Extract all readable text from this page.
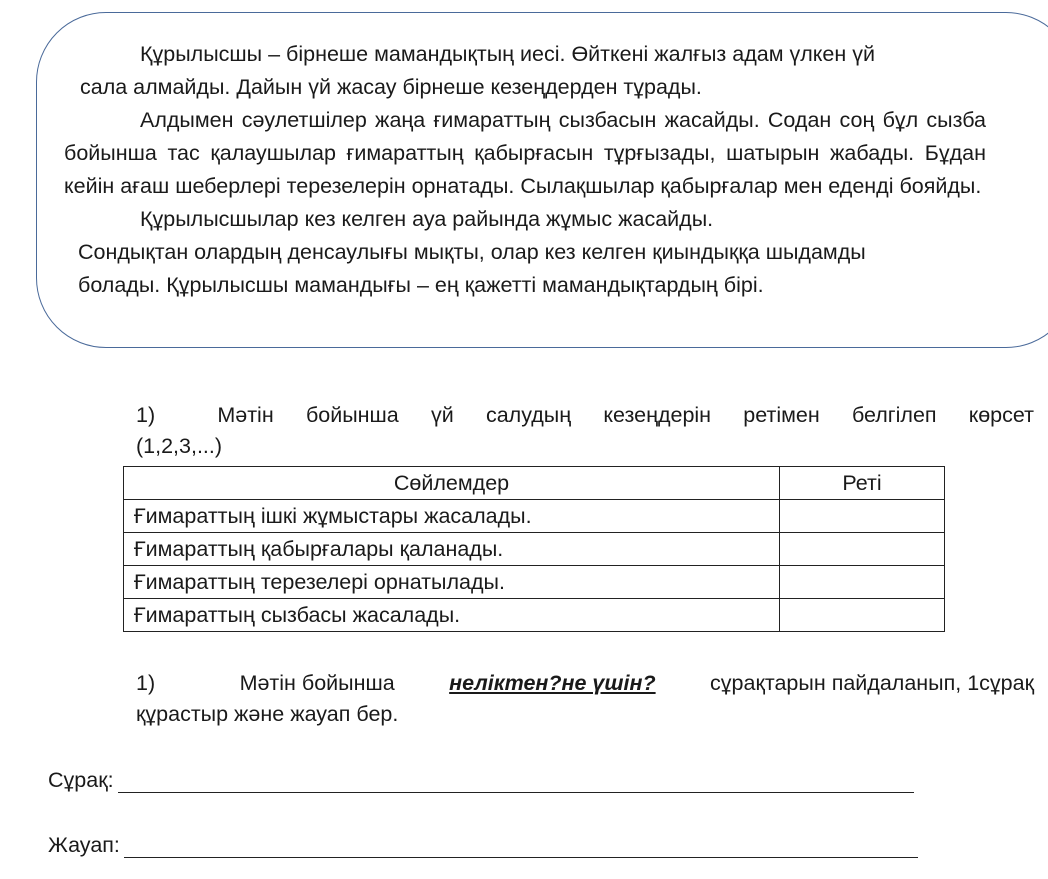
Құрылысшы – бірнеше мамандықтың иесі. Өйткені жалғыз адам үлкен үй

сала алмайды. Дайын үй жасау бірнеше кезеңдерден тұрады.

Алдымен сәулетшілер жаңа ғимараттың сызбасын жасайды. Содан соң бұл сызба бойынша тас қалаушылар ғимараттың қабырғасын тұрғызады, шатырын жабады. Бұдан кейін ағаш шеберлері терезелерін орнатады. Сылақшылар қабырғалар мен еденді бояйды.

Құрылысшылар кез келген ауа райында жұмыс жасайды.

Сондықтан олардың денсаулығы мықты, олар кез келген қиындыққа шыдамды болады. Құрылысшы мамандығы – ең қажетті мамандықтардың бірі.

1)	Мәтін бойынша үй салудың кезеңдерін ретімен белгілеп көрсет
(1,2,3,...)
Сөйлемдер	Реті
Ғимараттың ішкі жұмыстары жасалады.	
Ғимараттың қабырғалары қаланады.	
Ғимараттың терезелері орнатылады.	
Ғимараттың сызбасы жасалады.	
1)	Мәтін бойынша	неліктен?не үшін?	сұрақтарын пайдаланып, 1сұрақ
құрастыр және жауап бер.
Сұрақ:
Жауап:
